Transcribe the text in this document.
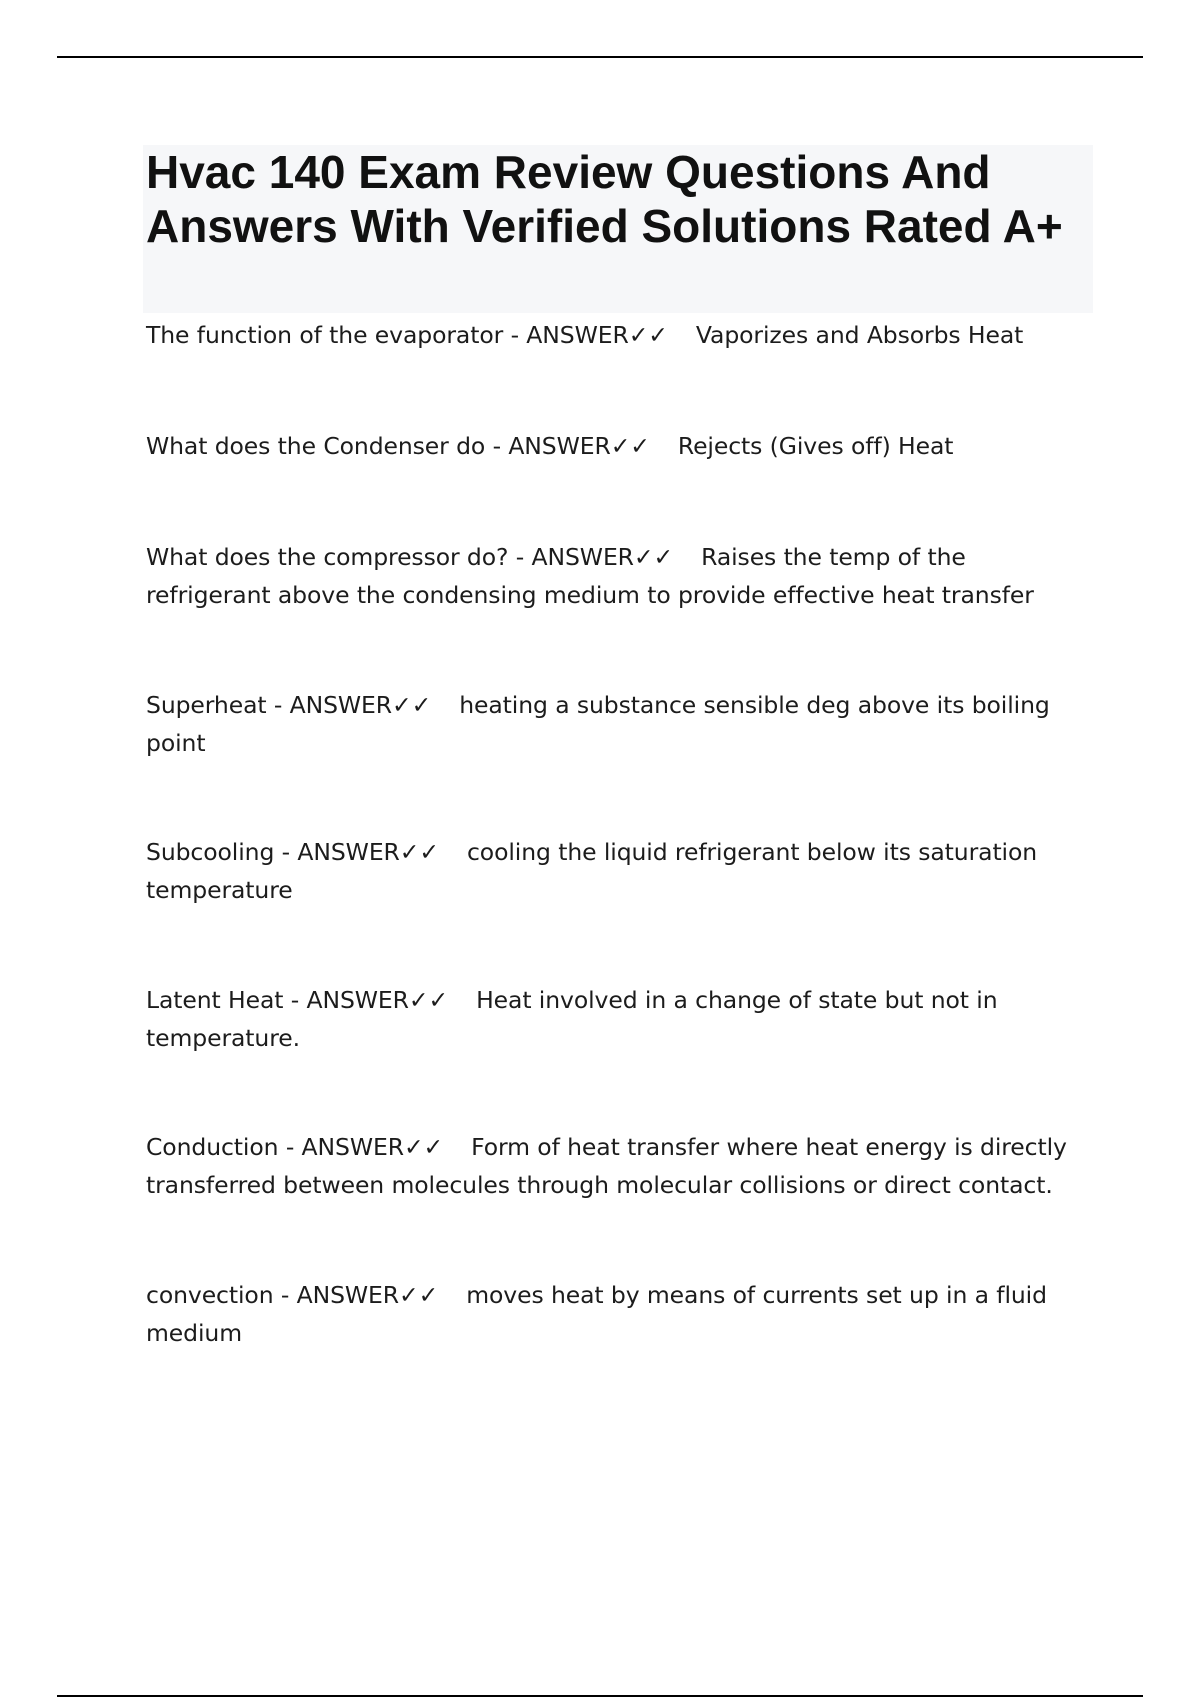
Hvac 140 Exam Review Questions And Answers With Verified Solutions Rated A+
The function of the evaporator - ANSWER✓✓ Vaporizes and Absorbs Heat
What does the Condenser do - ANSWER✓✓ Rejects (Gives off) Heat
What does the compressor do? - ANSWER✓✓ Raises the temp of the refrigerant above the condensing medium to provide effective heat transfer
Superheat - ANSWER✓✓ heating a substance sensible deg above its boiling point
Subcooling - ANSWER✓✓ cooling the liquid refrigerant below its saturation temperature
Latent Heat - ANSWER✓✓ Heat involved in a change of state but not in temperature.
Conduction - ANSWER✓✓ Form of heat transfer where heat energy is directly transferred between molecules through molecular collisions or direct contact.
convection - ANSWER✓✓ moves heat by means of currents set up in a fluid medium
